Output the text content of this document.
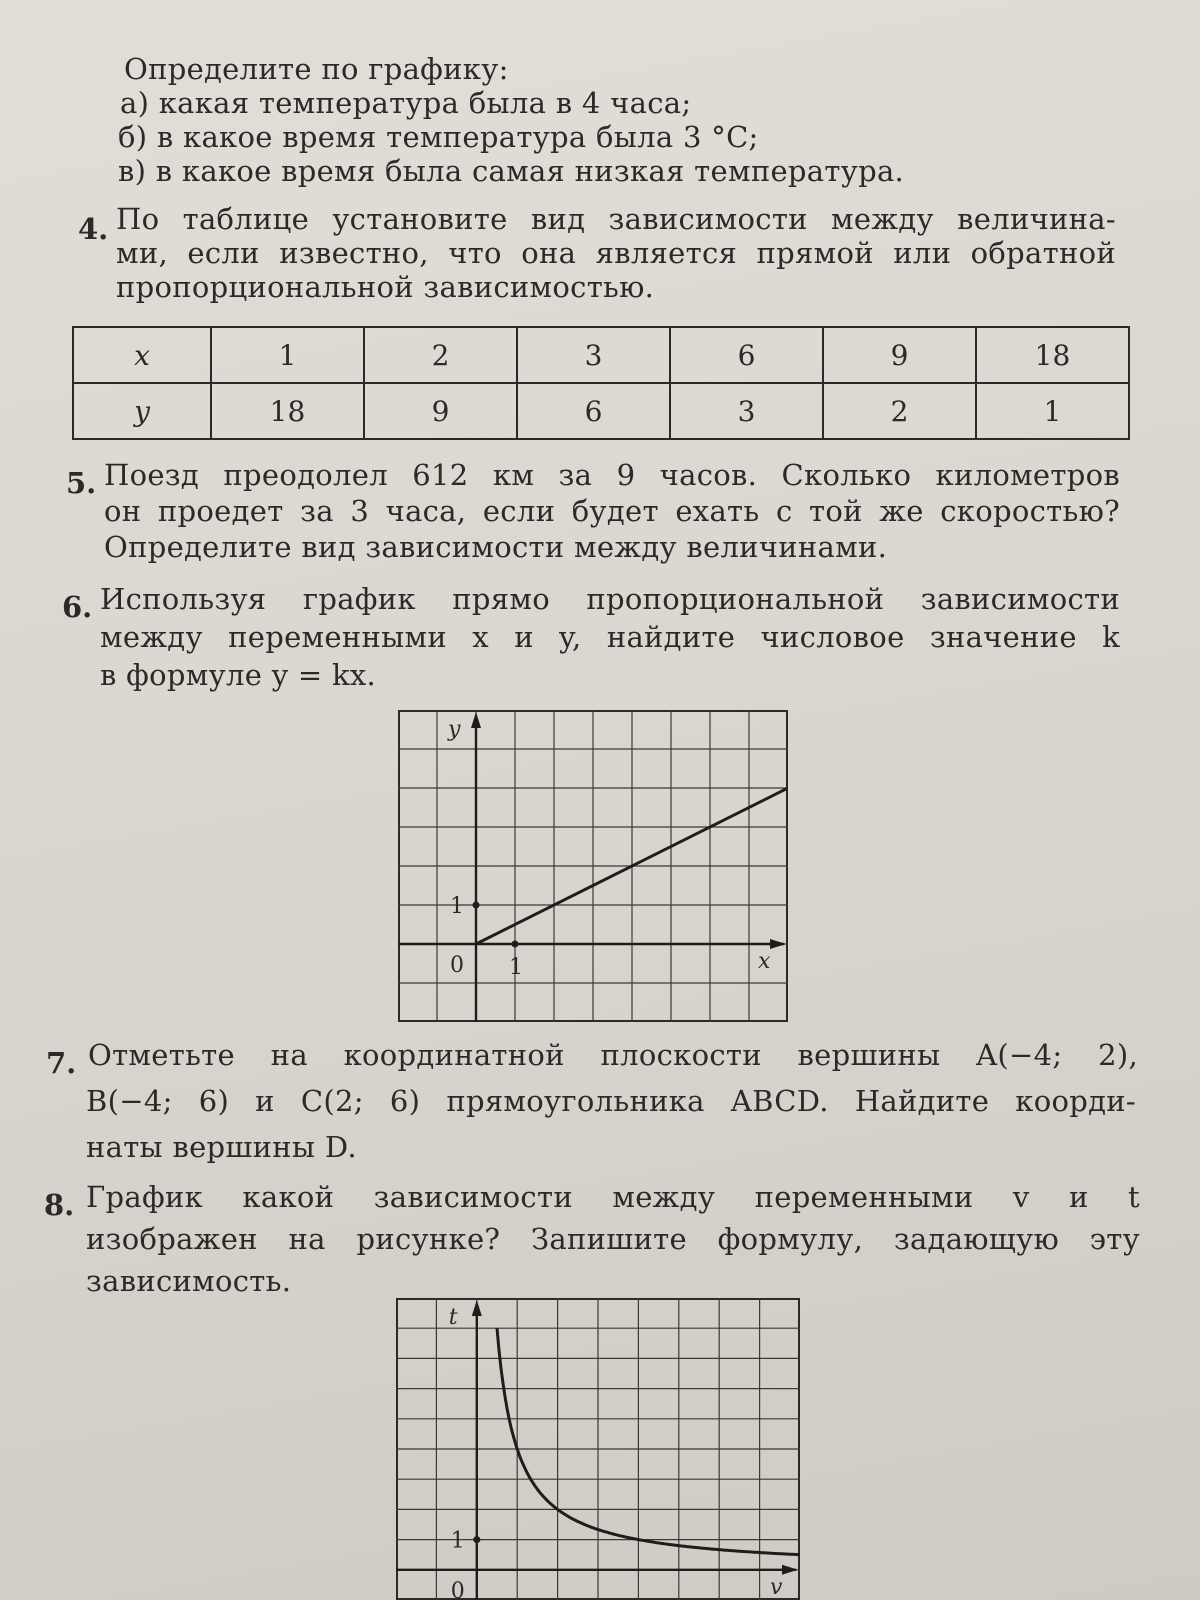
Определите по графику:
а) какая температура была в 4 часа;
б) в какое время температура была 3 °С;
в) в какое время была самая низкая температура.
4. По таблице установите вид зависимости между величина-
ми, если известно, что она является прямой или обратной
пропорциональной зависимостью.
x	1	2	3	6	9	18
y	18	9	6	3	2	1
5. Поезд преодолел 612 км за 9 часов. Сколько километров
он проедет за 3 часа, если будет ехать с той же скоростью?
Определите вид зависимости между величинами.
6. Используя график прямо пропорциональной зависимости
между переменными x и y, найдите числовое значение k
в формуле y = kx.
y
x
0
1
1
7. Отметьте на координатной плоскости вершины A(−4; 2),
B(−4; 6) и C(2; 6) прямоугольника ABCD. Найдите коорди-
наты вершины D.
8. График какой зависимости между переменными v и t
изображен на рисунке? Запишите формулу, задающую эту
зависимость.
t
v
0
1
